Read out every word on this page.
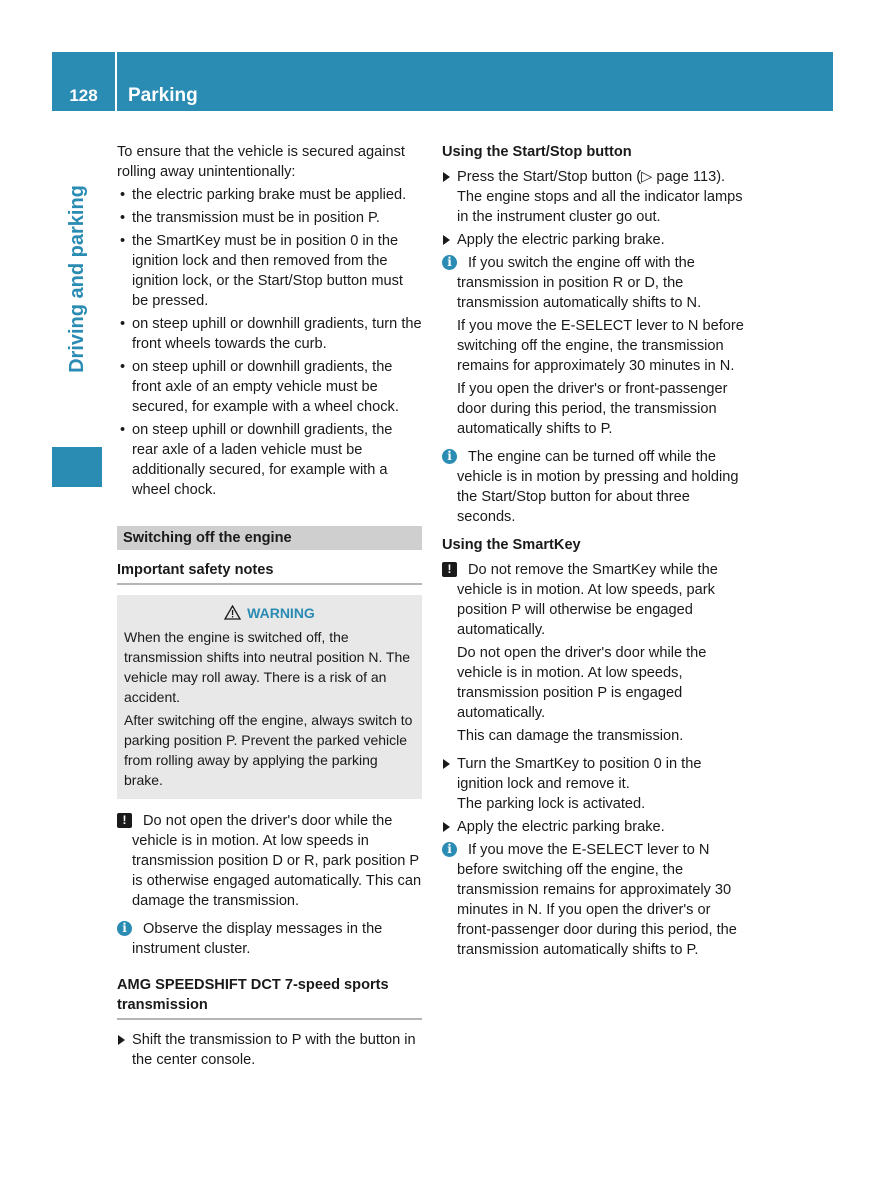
128	Parking
Driving and parking

To ensure that the vehicle is secured against rolling away unintentionally:

• the electric parking brake must be applied.
• the transmission must be in position P.
• the SmartKey must be in position 0 in the ignition lock and then removed from the ignition lock, or the Start/Stop button must be pressed.
• on steep uphill or downhill gradients, turn the front wheels towards the curb.
• on steep uphill or downhill gradients, the front axle of an empty vehicle must be secured, for example with a wheel chock.
• on steep uphill or downhill gradients, the rear axle of a laden vehicle must be additionally secured, for example with a wheel chock.
Switching off the engine
Important safety notes
WARNING

When the engine is switched off, the transmission shifts into neutral position N. The vehicle may roll away. There is a risk of an accident.

After switching off the engine, always switch to parking position P. Prevent the parked vehicle from rolling away by applying the parking brake.

!	Do not open the driver's door while the vehicle is in motion. At low speeds in transmission position D or R, park position P is otherwise engaged automatically. This can damage the transmission.

i	Observe the display messages in the instrument cluster.

AMG SPEEDSHIFT DCT 7-speed sports transmission
Shift the transmission to P with the button in the center console.
Using the Start/Stop button
Press the Start/Stop button (▷ page 113). The engine stops and all the indicator lamps in the instrument cluster go out.
Apply the electric parking brake.
i	If you switch the engine off with the transmission in position R or D, the transmission automatically shifts to N.

If you move the E-SELECT lever to N before switching off the engine, the transmission remains for approximately 30 minutes in N.

If you open the driver's or front-passenger door during this period, the transmission automatically shifts to P.

i	The engine can be turned off while the vehicle is in motion by pressing and holding the Start/Stop button for about three seconds.

Using the SmartKey
!	Do not remove the SmartKey while the vehicle is in motion. At low speeds, park position P will otherwise be engaged automatically.

Do not open the driver's door while the vehicle is in motion. At low speeds, transmission position P is engaged automatically.

This can damage the transmission.

Turn the SmartKey to position 0 in the ignition lock and remove it.
The parking lock is activated.
Apply the electric parking brake.
i	If you move the E-SELECT lever to N before switching off the engine, the transmission remains for approximately 30 minutes in N. If you open the driver's or front-passenger door during this period, the transmission automatically shifts to P.
